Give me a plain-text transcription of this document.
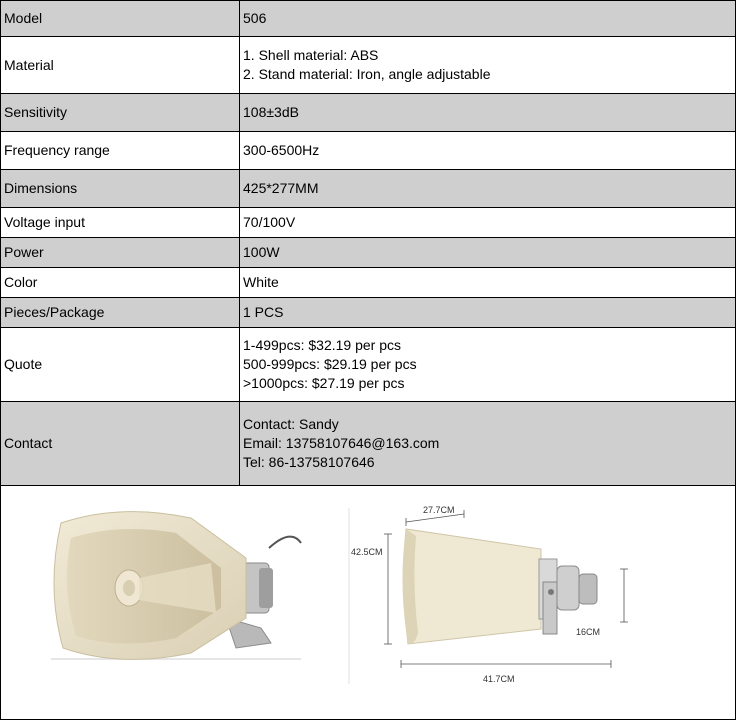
Model	506

Material	1. Shell material: ABS
2. Stand material: Iron, angle adjustable

Sensitivity	108±3dB

Frequency range	300-6500Hz

Dimensions	425*277MM

Voltage input	70/100V

Power	100W

Color	White

Pieces/Package	1 PCS

Quote	1-499pcs: $32.19 per pcs
500-999pcs: $29.19 per pcs
>1000pcs: $27.19 per pcs

Contact	Contact: Sandy
Email: 13758107646@163.com
Tel: 86-13758107646
27.7CM
42.5CM
16CM
41.7CM
